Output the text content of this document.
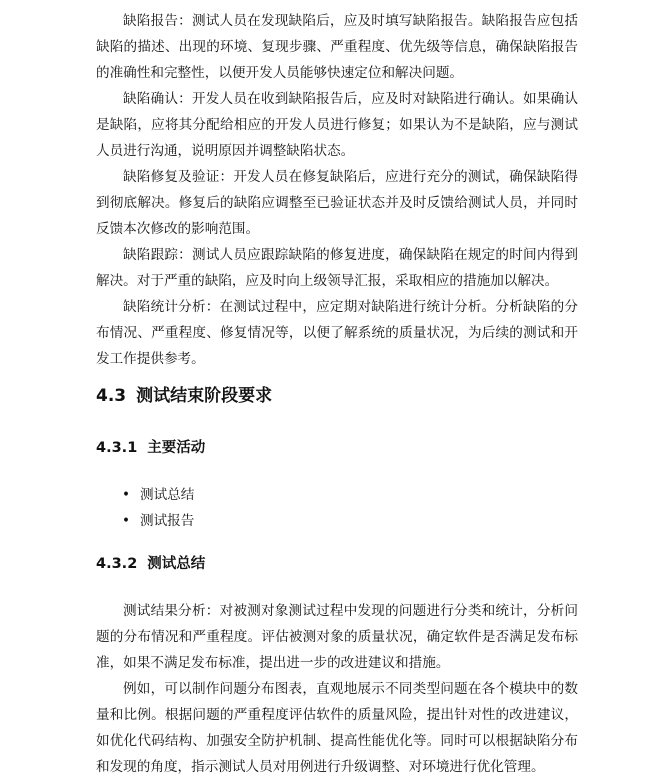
缺陷报告：测试人员在发现缺陷后，应及时填写缺陷报告。缺陷报告应包括缺陷的描述、出现的环境、复现步骤、严重程度、优先级等信息，确保缺陷报告的准确性和完整性，以便开发人员能够快速定位和解决问题。

缺陷确认：开发人员在收到缺陷报告后，应及时对缺陷进行确认。如果确认是缺陷，应将其分配给相应的开发人员进行修复；如果认为不是缺陷，应与测试人员进行沟通，说明原因并调整缺陷状态。

缺陷修复及验证：开发人员在修复缺陷后，应进行充分的测试，确保缺陷得到彻底解决。修复后的缺陷应调整至已验证状态并及时反馈给测试人员，并同时反馈本次修改的影响范围。

缺陷跟踪：测试人员应跟踪缺陷的修复进度，确保缺陷在规定的时间内得到解决。对于严重的缺陷，应及时向上级领导汇报，采取相应的措施加以解决。

缺陷统计分析：在测试过程中，应定期对缺陷进行统计分析。分析缺陷的分布情况、严重程度、修复情况等，以便了解系统的质量状况，为后续的测试和开发工作提供参考。

4.3 测试结束阶段要求
4.3.1 主要活动
• 测试总结
• 测试报告
4.3.2 测试总结

测试结果分析：对被测对象测试过程中发现的问题进行分类和统计，分析问题的分布情况和严重程度。评估被测对象的质量状况，确定软件是否满足发布标准，如果不满足发布标准，提出进一步的改进建议和措施。

例如，可以制作问题分布图表，直观地展示不同类型问题在各个模块中的数量和比例。根据问题的严重程度评估软件的质量风险，提出针对性的改进建议，如优化代码结构、加强安全防护机制、提高性能优化等。同时可以根据缺陷分布和发现的角度，指示测试人员对用例进行升级调整、对环境进行优化管理。
